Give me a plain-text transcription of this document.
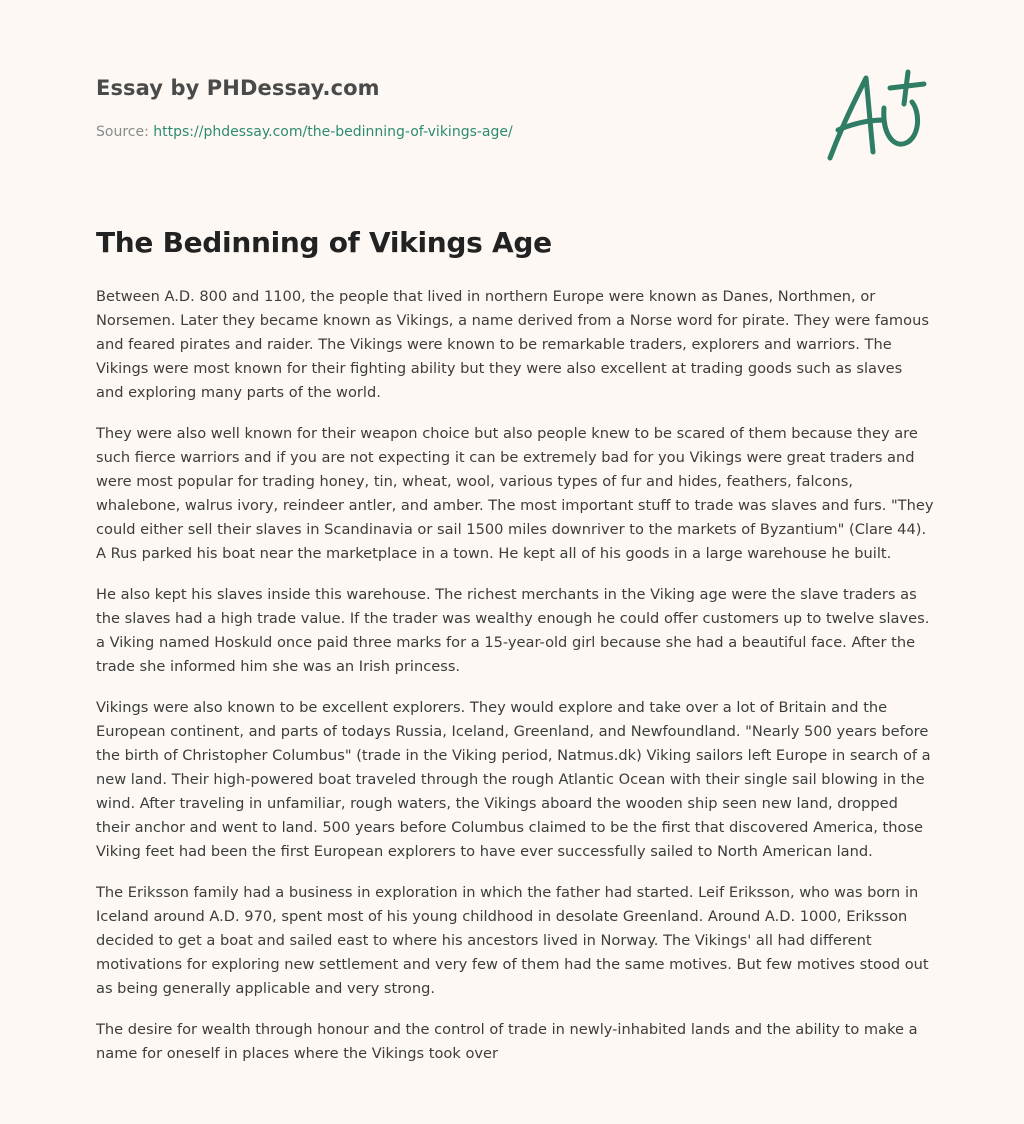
Essay by PHDessay.com
Source: https://phdessay.com/the-bedinning-of-vikings-age/
The Bedinning of Vikings Age

Between A.D. 800 and 1100, the people that lived in northern Europe were known as Danes, Northmen, or Norsemen. Later they became known as Vikings, a name derived from a Norse word for pirate. They were famous and feared pirates and raider. The Vikings were known to be remarkable traders, explorers and warriors. The Vikings were most known for their fighting ability but they were also excellent at trading goods such as slaves and exploring many parts of the world.

They were also well known for their weapon choice but also people knew to be scared of them because they are such fierce warriors and if you are not expecting it can be extremely bad for you Vikings were great traders and were most popular for trading honey, tin, wheat, wool, various types of fur and hides, feathers, falcons, whalebone, walrus ivory, reindeer antler, and amber. The most important stuff to trade was slaves and furs. "They could either sell their slaves in Scandinavia or sail 1500 miles downriver to the markets of Byzantium" (Clare 44). A Rus parked his boat near the marketplace in a town. He kept all of his goods in a large warehouse he built.

He also kept his slaves inside this warehouse. The richest merchants in the Viking age were the slave traders as the slaves had a high trade value. If the trader was wealthy enough he could offer customers up to twelve slaves. a Viking named Hoskuld once paid three marks for a 15-year-old girl because she had a beautiful face. After the trade she informed him she was an Irish princess.

Vikings were also known to be excellent explorers. They would explore and take over a lot of Britain and the European continent, and parts of todays Russia, Iceland, Greenland, and Newfoundland. "Nearly 500 years before the birth of Christopher Columbus" (trade in the Viking period, Natmus.dk) Viking sailors left Europe in search of a new land. Their high-powered boat traveled through the rough Atlantic Ocean with their single sail blowing in the wind. After traveling in unfamiliar, rough waters, the Vikings aboard the wooden ship seen new land, dropped their anchor and went to land. 500 years before Columbus claimed to be the first that discovered America, those Viking feet had been the first European explorers to have ever successfully sailed to North American land.

The Eriksson family had a business in exploration in which the father had started. Leif Eriksson, who was born in Iceland around A.D. 970, spent most of his young childhood in desolate Greenland. Around A.D. 1000, Eriksson decided to get a boat and sailed east to where his ancestors lived in Norway. The Vikings' all had different motivations for exploring new settlement and very few of them had the same motives. But few motives stood out as being generally applicable and very strong.

The desire for wealth through honour and the control of trade in newly-inhabited lands and the ability to make a name for oneself in places where the Vikings took over
